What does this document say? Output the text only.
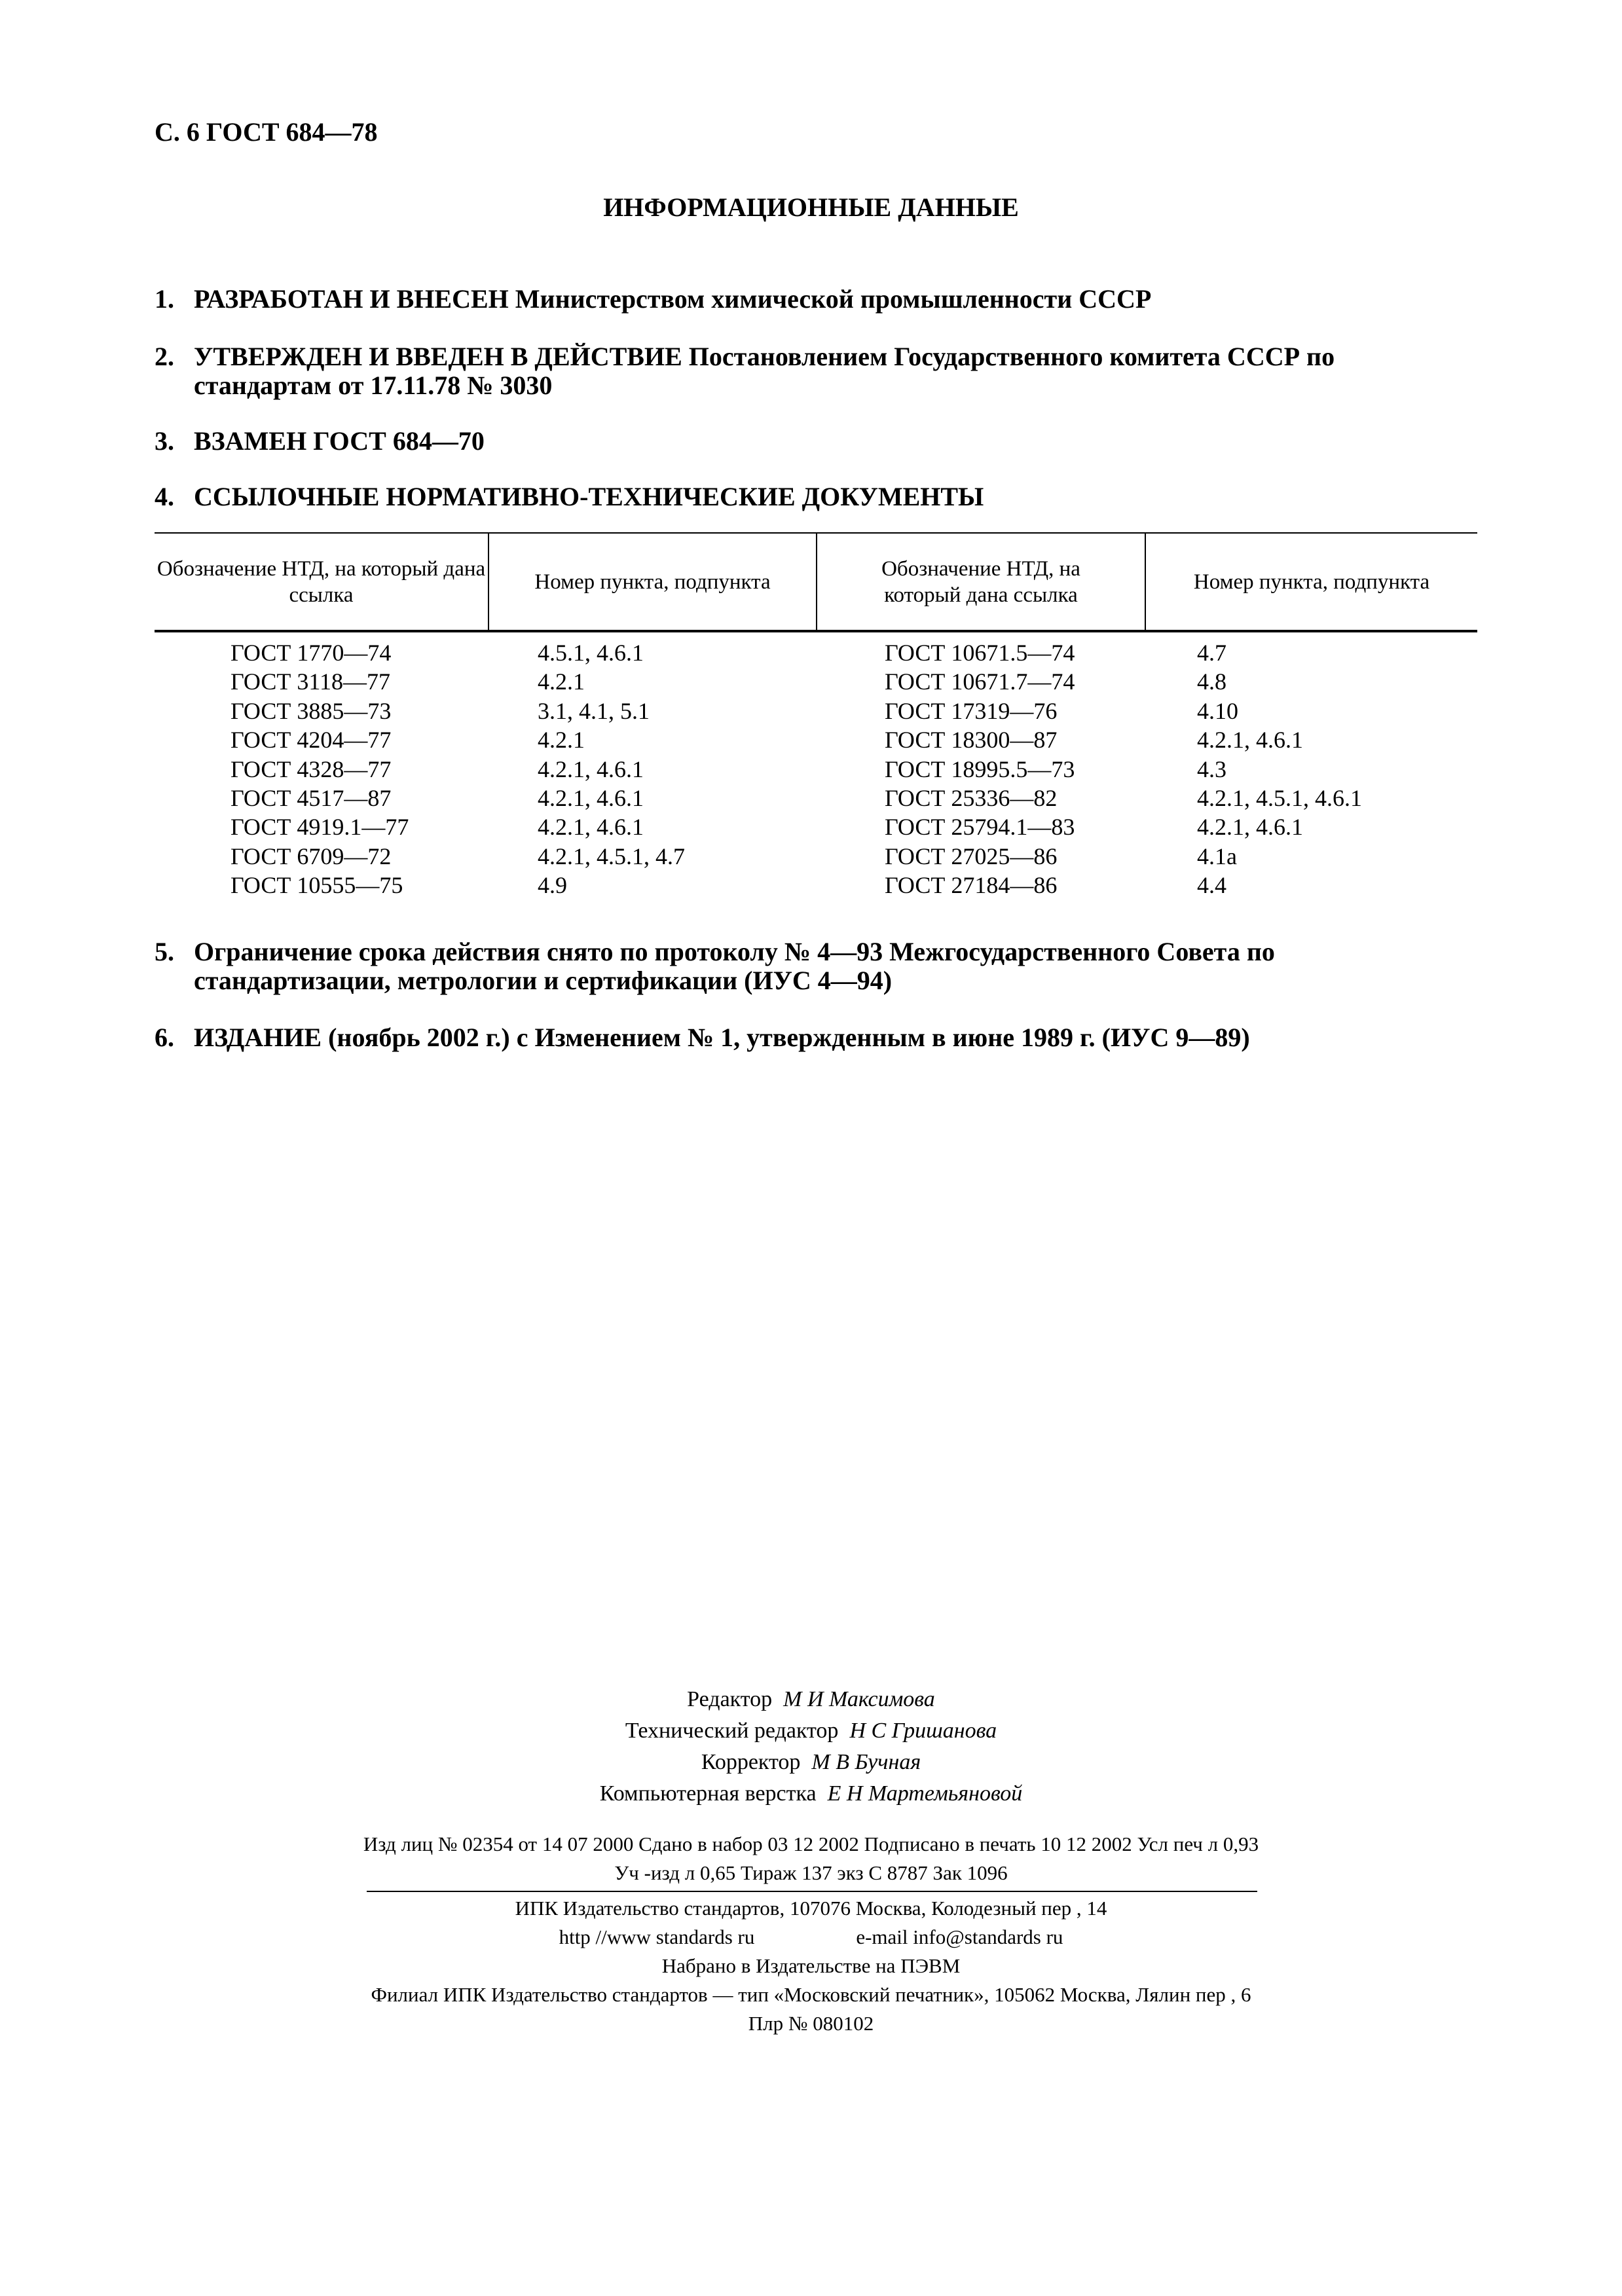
С. 6 ГОСТ 684—78
ИНФОРМАЦИОННЫЕ ДАННЫЕ
1. РАЗРАБОТАН И ВНЕСЕН Министерством химической промышленности СССР
2. УТВЕРЖДЕН И ВВЕДЕН В ДЕЙСТВИЕ Постановлением Государственного комитета СССР по стандартам от 17.11.78 № 3030
3. ВЗАМЕН ГОСТ 684—70
4. ССЫЛОЧНЫЕ НОРМАТИВНО-ТЕХНИЧЕСКИЕ ДОКУМЕНТЫ
Обозначение НТД, на который дана ссылка
Номер пункта, подпункта
Обозначение НТД, на который дана ссылка
Номер пункта, подпункта
ГОСТ 1770—74
ГОСТ 3118—77
ГОСТ 3885—73
ГОСТ 4204—77
ГОСТ 4328—77
ГОСТ 4517—87
ГОСТ 4919.1—77
ГОСТ 6709—72
ГОСТ 10555—75
4.5.1, 4.6.1
4.2.1
3.1, 4.1, 5.1
4.2.1
4.2.1, 4.6.1
4.2.1, 4.6.1
4.2.1, 4.6.1
4.2.1, 4.5.1, 4.7
4.9
ГОСТ 10671.5—74
ГОСТ 10671.7—74
ГОСТ 17319—76
ГОСТ 18300—87
ГОСТ 18995.5—73
ГОСТ 25336—82
ГОСТ 25794.1—83
ГОСТ 27025—86
ГОСТ 27184—86
4.7
4.8
4.10
4.2.1, 4.6.1
4.3
4.2.1, 4.5.1, 4.6.1
4.2.1, 4.6.1
4.1а
4.4
5. Ограничение срока действия снято по протоколу № 4—93 Межгосударственного Совета по стандартизации, метрологии и сертификации (ИУС 4—94)
6. ИЗДАНИЕ (ноябрь 2002 г.) с Изменением № 1, утвержденным в июне 1989 г. (ИУС 9—89)
Редактор М И Максимова
Технический редактор Н С Гришанова
Корректор М В Бучная
Компьютерная верстка Е Н Мартемьяновой
Изд лиц № 02354 от 14 07 2000 Сдано в набор 03 12 2002 Подписано в печать 10 12 2002 Усл печ л 0,93
Уч -изд л 0,65 Тираж 137 экз С 8787 Зак 1096
ИПК Издательство стандартов, 107076 Москва, Колодезный пер , 14
http //www standards ru                    e-mail info@standards ru
Набрано в Издательстве на ПЭВМ
Филиал ИПК Издательство стандартов — тип «Московский печатник», 105062 Москва, Лялин пер , 6
Плр № 080102
